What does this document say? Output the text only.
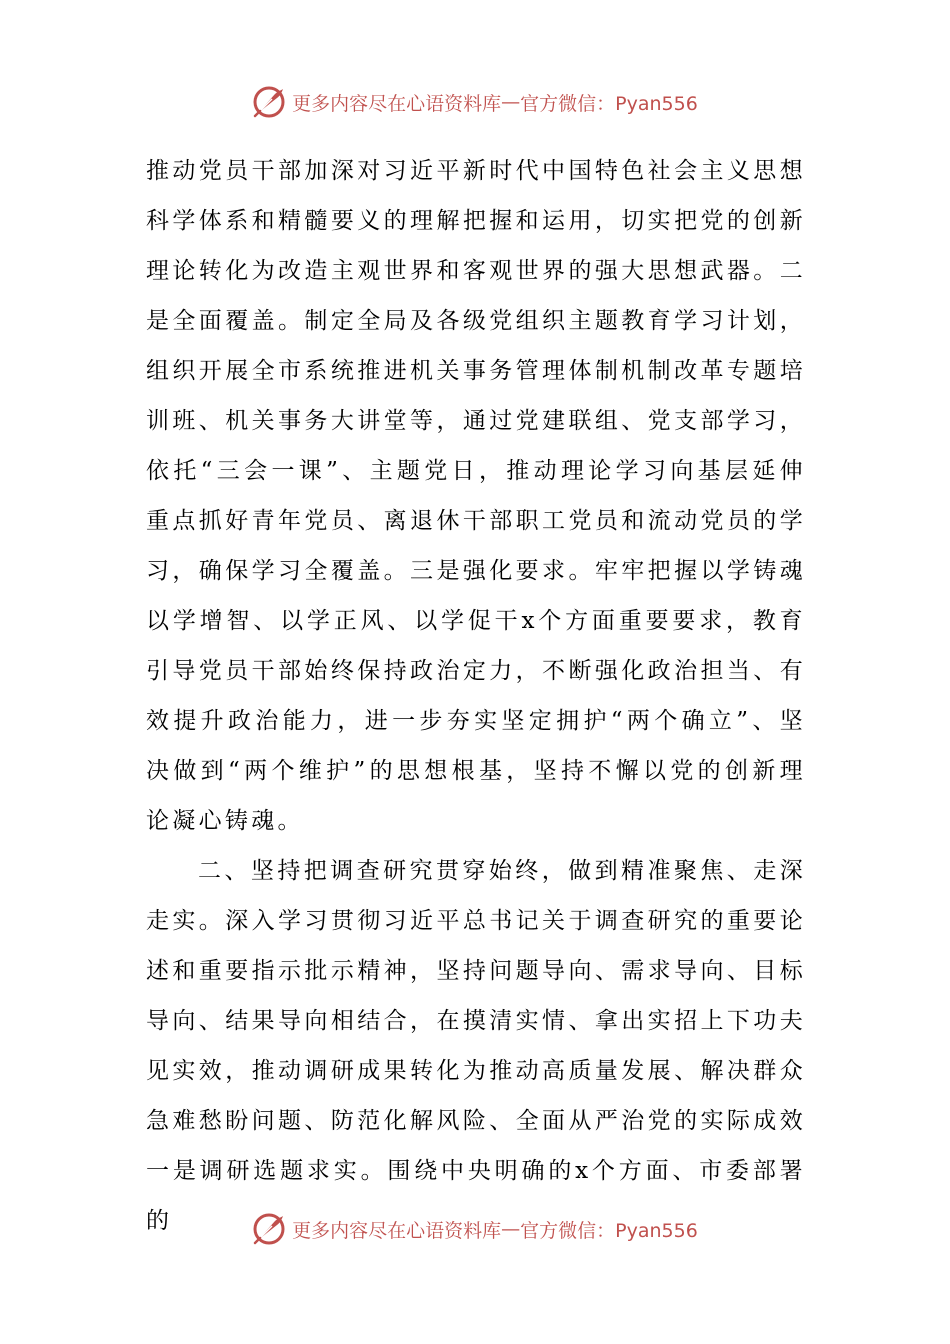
更多内容尽在心语资料库 — 官方微信：Pyan556

推动党员干部加深对习近平新时代中国特色社会主义思想科学体系和精髓要义的理解把握和运用，切实把党的创新理论转化为改造主观世界和客观世界的强大思想武器。二是全面覆盖。制定全局及各级党组织主题教育学习计划，组织开展全市系统推进机关事务管理体制机制改革专题培训班、机关事务大讲堂等，通过党建联组、党支部学习，依托“三会一课”、主题党日，推动理论学习向基层延伸重点抓好青年党员、离退休干部职工党员和流动党员的学习，确保学习全覆盖。三是强化要求。牢牢把握以学铸魂以学增智、以学正风、以学促干x个方面重要要求，教育引导党员干部始终保持政治定力，不断强化政治担当、有效提升政治能力，进一步夯实坚定拥护“两个确立”、坚决做到“两个维护”的思想根基，坚持不懈以党的创新理论凝心铸魂。

二、坚持把调查研究贯穿始终，做到精准聚焦、走深走实。深入学习贯彻习近平总书记关于调查研究的重要论述和重要指示批示精神，坚持问题导向、需求导向、目标导向、结果导向相结合，在摸清实情、拿出实招上下功夫见实效，推动调研成果转化为推动高质量发展、解决群众急难愁盼问题、防范化解风险、全面从严治党的实际成效一是调研选题求实。围绕中央明确的x个方面、市委部署的	更多内容尽在心语资料库 — 官方微信：Pyan556
